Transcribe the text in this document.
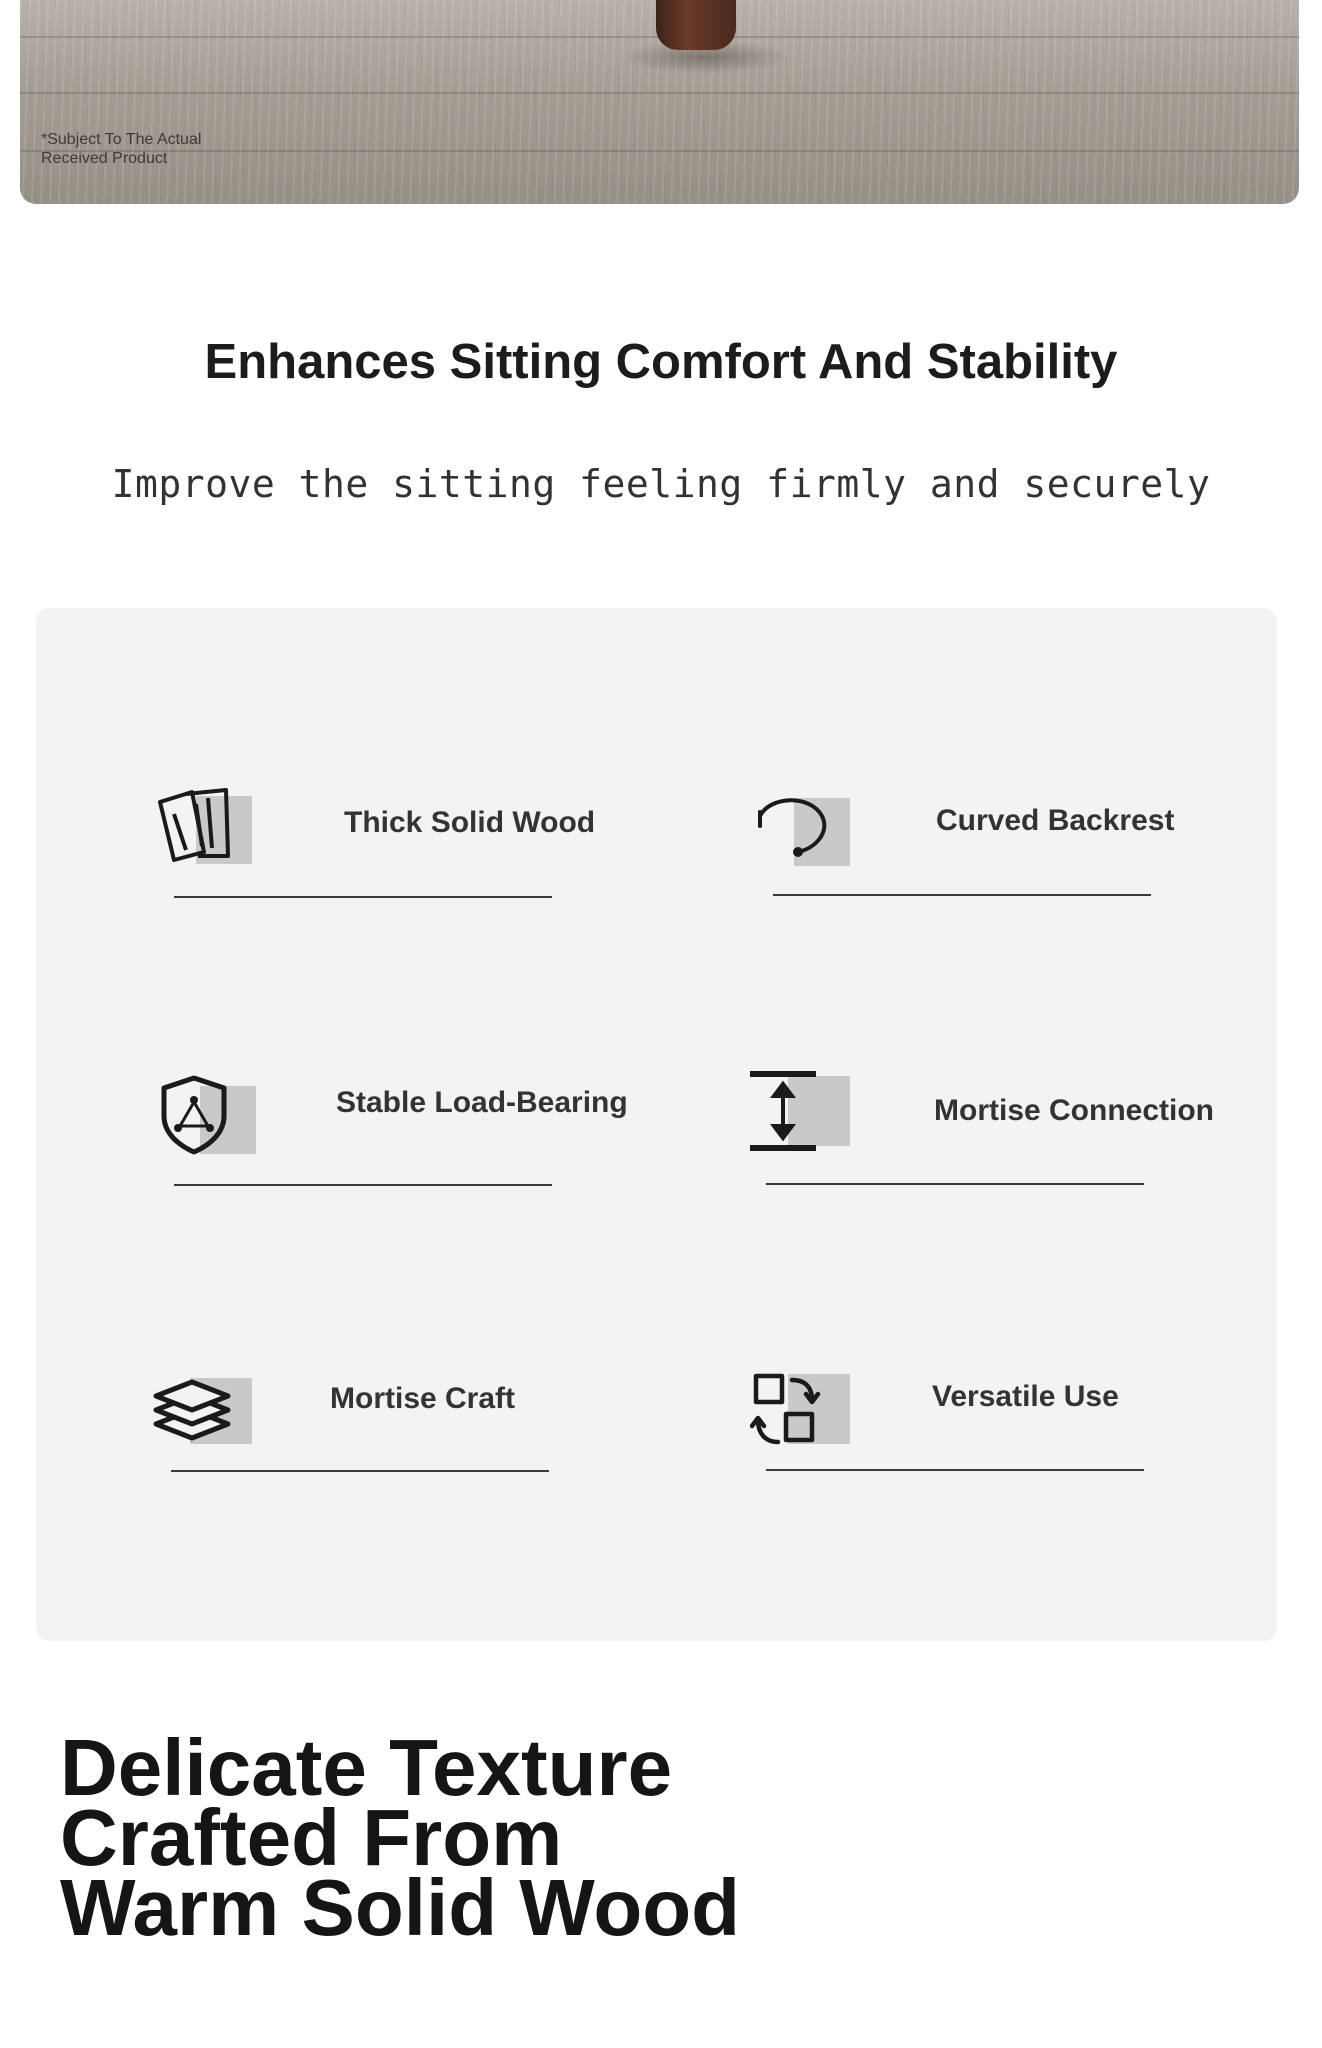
*Subject To The Actual
Received Product
Enhances Sitting Comfort And Stability
Improve the sitting feeling firmly and securely
Thick Solid Wood	Curved Backrest
Stable Load-Bearing	Mortise Connection
Mortise Craft	Versatile Use
Delicate Texture
Crafted From
Warm Solid Wood
